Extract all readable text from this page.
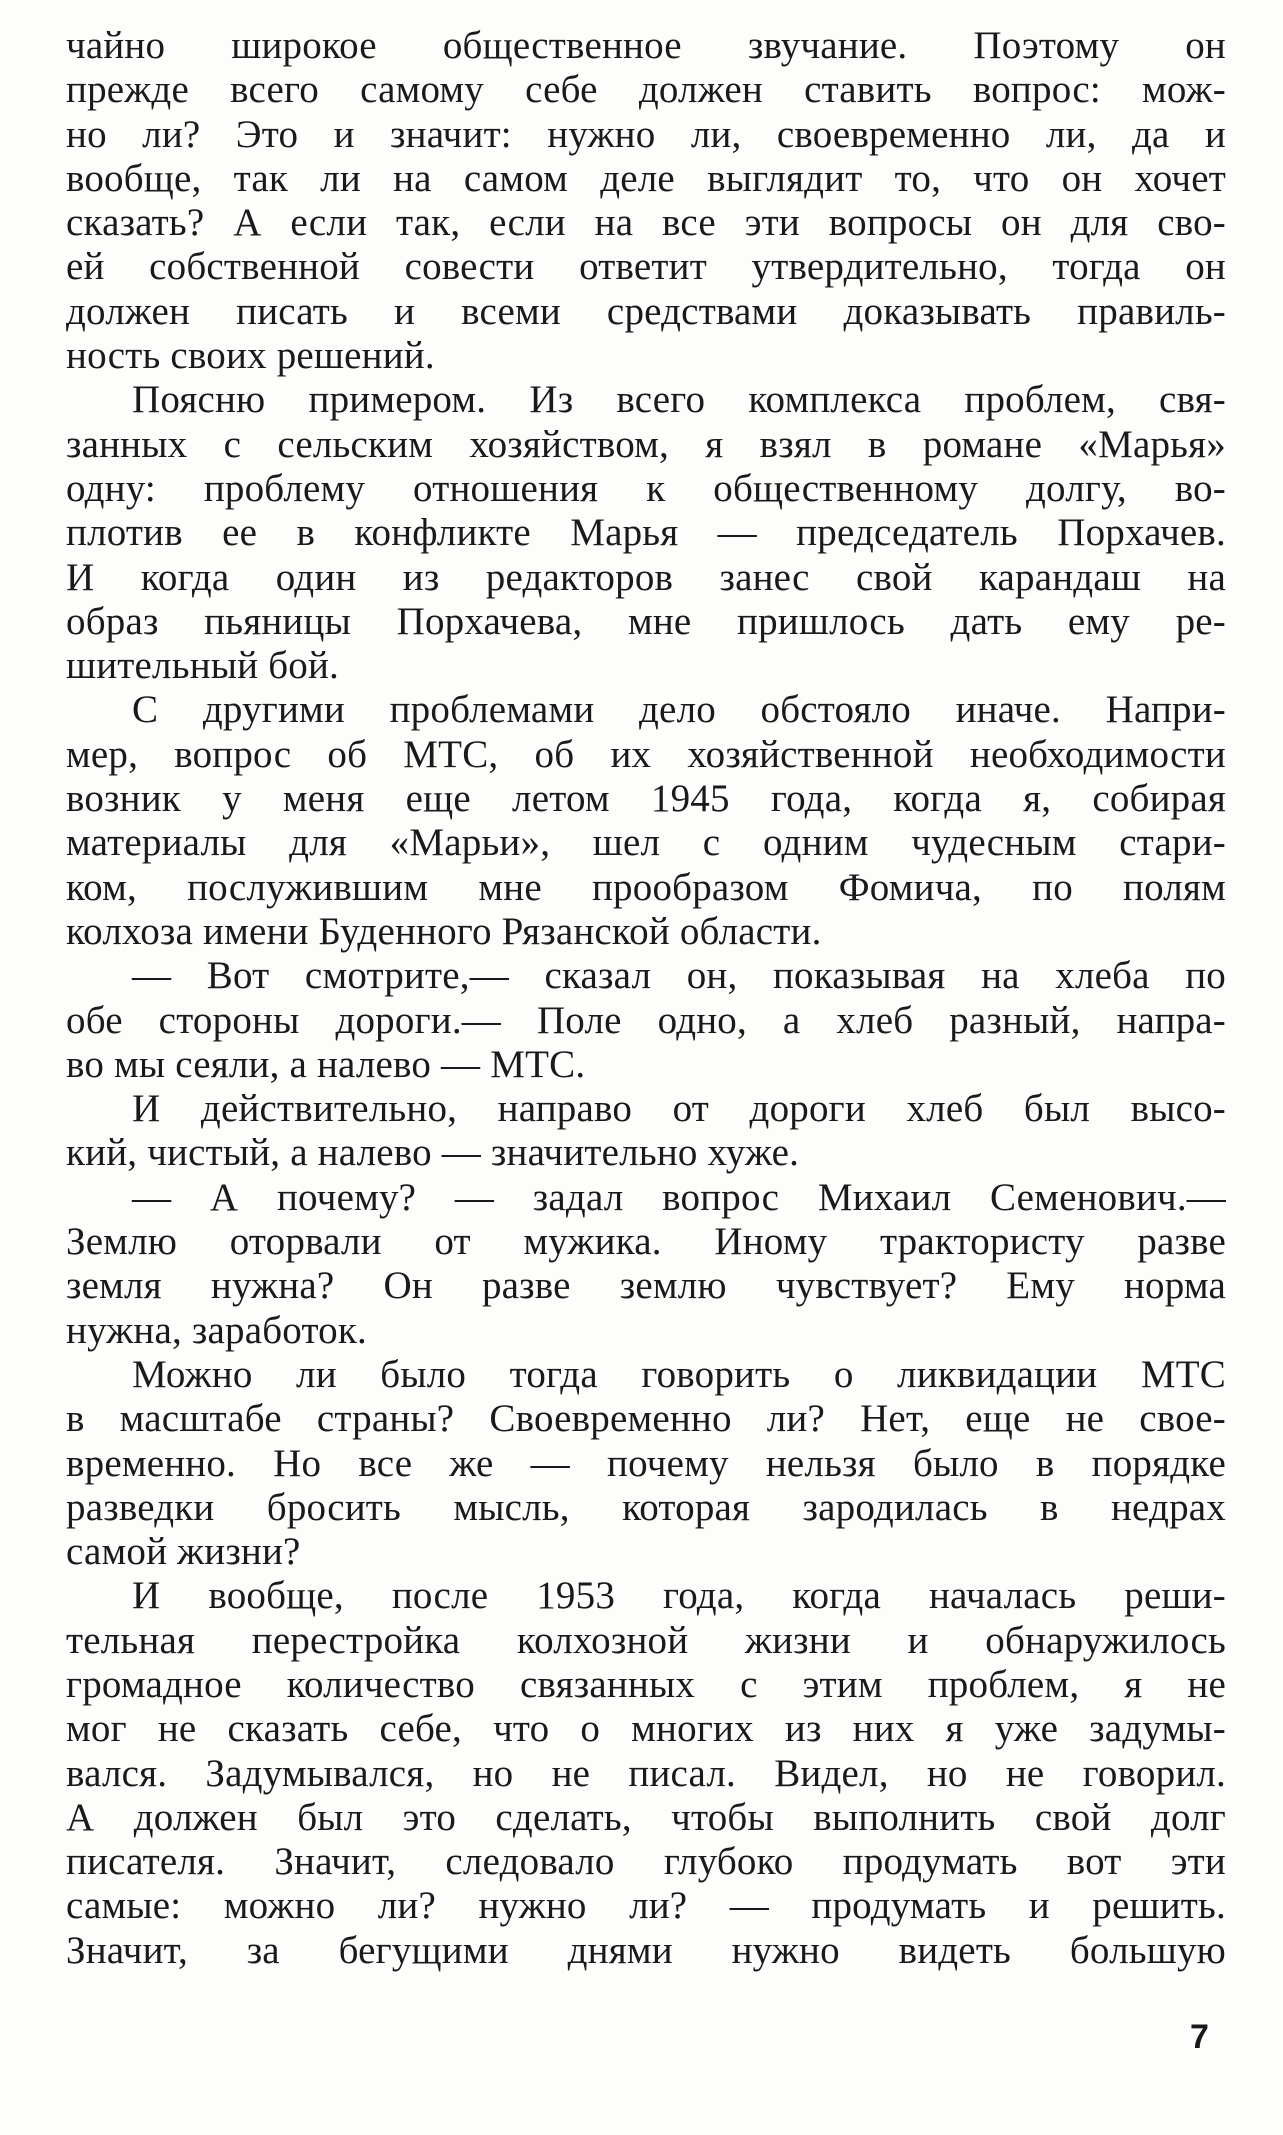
чайно широкое общественное звучание. Поэтому он
прежде всего самому себе должен ставить вопрос: мож-
но ли? Это и значит: нужно ли, своевременно ли, да и
вообще, так ли на самом деле выглядит то, что он хочет
сказать? А если так, если на все эти вопросы он для сво-
ей собственной совести ответит утвердительно, тогда он
должен писать и всеми средствами доказывать правиль-
ность своих решений.

Поясню примером. Из всего комплекса проблем, свя-
занных с сельским хозяйством, я взял в романе «Марья»
одну: проблему отношения к общественному долгу, во-
плотив ее в конфликте Марья — председатель Порхачев.
И когда один из редакторов занес свой карандаш на
образ пьяницы Порхачева, мне пришлось дать ему ре-
шительный бой.

С другими проблемами дело обстояло иначе. Напри-
мер, вопрос об МТС, об их хозяйственной необходимости
возник у меня еще летом 1945 года, когда я, собирая
материалы для «Марьи», шел с одним чудесным стари-
ком, послужившим мне прообразом Фомича, по полям
колхоза имени Буденного Рязанской области.

— Вот смотрите,— сказал он, показывая на хлеба по
обе стороны дороги.— Поле одно, а хлеб разный, напра-
во мы сеяли, а налево — МТС.

И действительно, направо от дороги хлеб был высо-
кий, чистый, а налево — значительно хуже.

— А почему? — задал вопрос Михаил Семенович.—
Землю оторвали от мужика. Иному трактористу разве
земля нужна? Он разве землю чувствует? Ему норма
нужна, заработок.

Можно ли было тогда говорить о ликвидации МТС
в масштабе страны? Своевременно ли? Нет, еще не свое-
временно. Но все же — почему нельзя было в порядке
разведки бросить мысль, которая зародилась в недрах
самой жизни?

И вообще, после 1953 года, когда началась реши-
тельная перестройка колхозной жизни и обнаружилось
громадное количество связанных с этим проблем, я не
мог не сказать себе, что о многих из них я уже задумы-
вался. Задумывался, но не писал. Видел, но не говорил.
А должен был это сделать, чтобы выполнить свой долг
писателя. Значит, следовало глубоко продумать вот эти
самые: можно ли? нужно ли? — продумать и решить.
Значит, за бегущими днями нужно видеть большую

7
